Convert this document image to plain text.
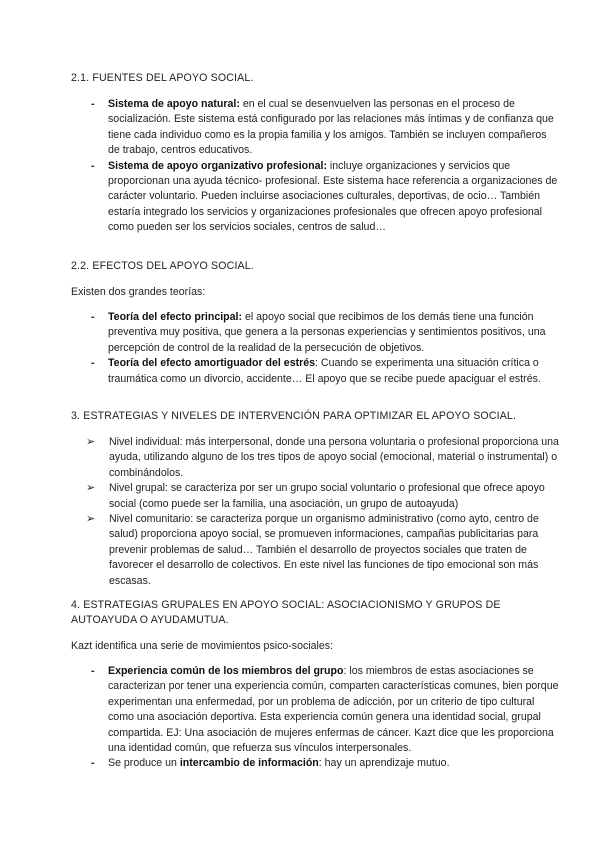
2.1. FUENTES DEL APOYO SOCIAL.
- Sistema de apoyo natural: en el cual se desenvuelven las personas en el proceso de socialización. Este sistema está configurado por las relaciones más íntimas y de confianza que tiene cada individuo como es la propia familia y los amigos. También se incluyen compañeros de trabajo, centros educativos.
- Sistema de apoyo organizativo profesional: incluye organizaciones y servicios que proporcionan una ayuda técnico- profesional. Este sistema hace referencia a organizaciones de carácter voluntario. Pueden incluirse asociaciones culturales, deportivas, de ocio… También estaría integrado los servicios y organizaciones profesionales que ofrecen apoyo profesional como pueden ser los servicios sociales, centros de salud…
2.2. EFECTOS DEL APOYO SOCIAL.
Existen dos grandes teorías:
- Teoría del efecto principal: el apoyo social que recibimos de los demás tiene una función preventiva muy positiva, que genera a la personas experiencias y sentimientos positivos, una percepción de control de la realidad de la persecución de objetivos.
- Teoría del efecto amortiguador del estrés: Cuando se experimenta una situación crítica o traumática como un divorcio, accidente… El apoyo que se recibe puede apaciguar el estrés.
3. ESTRATEGIAS Y NIVELES DE INTERVENCIÓN PARA OPTIMIZAR EL APOYO SOCIAL.
➢ Nivel individual: más interpersonal, donde una persona voluntaria o profesional proporciona una ayuda, utilizando alguno de los tres tipos de apoyo social (emocional, material o instrumental) o combinándolos.
➢ Nivel grupal: se caracteriza por ser un grupo social voluntario o profesional que ofrece apoyo social (como puede ser la familia, una asociación, un grupo de autoayuda)
➢ Nivel comunitario: se caracteriza porque un organismo administrativo (como ayto, centro de salud) proporciona apoyo social, se promueven informaciones, campañas publicitarias para prevenir problemas de salud… También el desarrollo de proyectos sociales que traten de favorecer el desarrollo de colectivos. En este nivel las funciones de tipo emocional son más escasas.
4. ESTRATEGIAS GRUPALES EN APOYO SOCIAL: ASOCIACIONISMO Y GRUPOS DE AUTOAYUDA O AYUDAMUTUA.
Kazt identifica una serie de movimientos psico-sociales:
- Experiencia común de los miembros del grupo: los miembros de estas asociaciones se caracterizan por tener una experiencia común, comparten características comunes, bien porque experimentan una enfermedad, por un problema de adicción, por un criterio de tipo cultural como una asociación deportiva. Esta experiencia común genera una identidad social, grupal compartida. EJ: Una asociación de mujeres enfermas de cáncer. Kazt dice que les proporciona una identidad común, que refuerza sus vínculos interpersonales.
- Se produce un intercambio de información: hay un aprendizaje mutuo.
